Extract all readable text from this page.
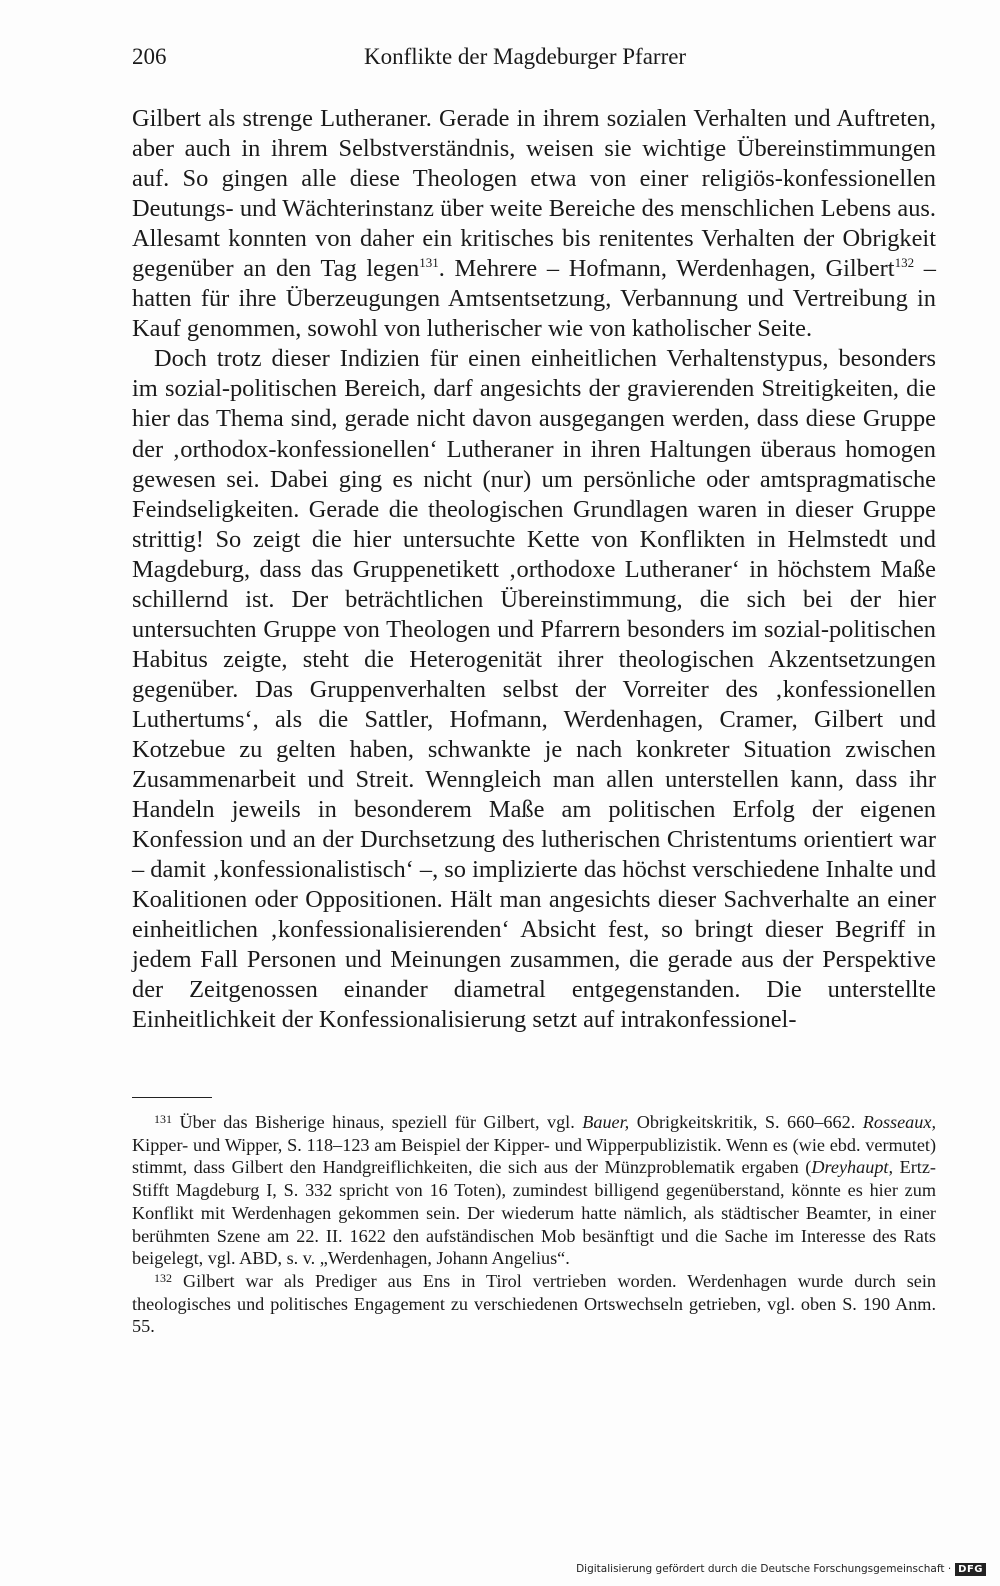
206	Konflikte der Magdeburger Pfarrer

Gilbert als strenge Lutheraner. Gerade in ihrem sozialen Verhalten und Auftreten, aber auch in ihrem Selbstverständnis, weisen sie wichtige Übereinstimmungen auf. So gingen alle diese Theologen etwa von einer religiös-konfessionellen Deutungs- und Wächterinstanz über weite Bereiche des menschlichen Lebens aus. Allesamt konnten von daher ein kritisches bis renitentes Verhalten der Obrigkeit gegenüber an den Tag legen$^{131}$. Mehrere – Hofmann, Werdenhagen, Gilbert$^{132}$ – hatten für ihre Überzeugungen Amtsentsetzung, Verbannung und Vertreibung in Kauf genommen, sowohl von lutherischer wie von katholischer Seite.

Doch trotz dieser Indizien für einen einheitlichen Verhaltenstypus, besonders im sozial-politischen Bereich, darf angesichts der gravierenden Streitigkeiten, die hier das Thema sind, gerade nicht davon ausgegangen werden, dass diese Gruppe der ‚orthodox-konfessionellen‘ Lutheraner in ihren Haltungen überaus homogen gewesen sei. Dabei ging es nicht (nur) um persönliche oder amtspragmatische Feindseligkeiten. Gerade die theologischen Grundlagen waren in dieser Gruppe strittig! So zeigt die hier untersuchte Kette von Konflikten in Helmstedt und Magdeburg, dass das Gruppenetikett ‚orthodoxe Lutheraner‘ in höchstem Maße schillernd ist. Der beträchtlichen Übereinstimmung, die sich bei der hier untersuchten Gruppe von Theologen und Pfarrern besonders im sozial-politischen Habitus zeigte, steht die Heterogenität ihrer theologischen Akzentsetzungen gegenüber. Das Gruppenverhalten selbst der Vorreiter des ‚konfessionellen Luthertums‘, als die Sattler, Hofmann, Werdenhagen, Cramer, Gilbert und Kotzebue zu gelten haben, schwankte je nach konkreter Situation zwischen Zusammenarbeit und Streit. Wenngleich man allen unterstellen kann, dass ihr Handeln jeweils in besonderem Maße am politischen Erfolg der eigenen Konfession und an der Durchsetzung des lutherischen Christentums orientiert war – damit ‚konfessionalistisch‘ –, so implizierte das höchst verschiedene Inhalte und Koalitionen oder Oppositionen. Hält man angesichts dieser Sachverhalte an einer einheitlichen ‚konfessionalisierenden‘ Absicht fest, so bringt dieser Begriff in jedem Fall Personen und Meinungen zusammen, die gerade aus der Perspektive der Zeitgenossen einander diametral entgegenstanden. Die unterstellte Einheitlichkeit der Konfessionalisierung setzt auf intrakonfessionel-

$^{131}$ Über das Bisherige hinaus, speziell für Gilbert, vgl. Bauer, Obrigkeitskritik, S. 660–662. Rosseaux, Kipper- und Wipper, S. 118–123 am Beispiel der Kipper- und Wipperpublizistik. Wenn es (wie ebd. vermutet) stimmt, dass Gilbert den Handgreiflichkeiten, die sich aus der Münzproblematik ergaben (Dreyhaupt, Ertz-Stifft Magdeburg I, S. 332 spricht von 16 Toten), zumindest billigend gegenüberstand, könnte es hier zum Konflikt mit Werdenhagen gekommen sein. Der wiederum hatte nämlich, als städtischer Beamter, in einer berühmten Szene am 22. II. 1622 den aufständischen Mob besänftigt und die Sache im Interesse des Rats beigelegt, vgl. ABD, s. v. „Werdenhagen, Johann Angelius“.

$^{132}$ Gilbert war als Prediger aus Ens in Tirol vertrieben worden. Werdenhagen wurde durch sein theologisches und politisches Engagement zu verschiedenen Ortswechseln getrieben, vgl. oben S. 190 Anm. 55.

Digitalisierung gefördert durch die Deutsche Forschungsgemeinschaft · DFG
